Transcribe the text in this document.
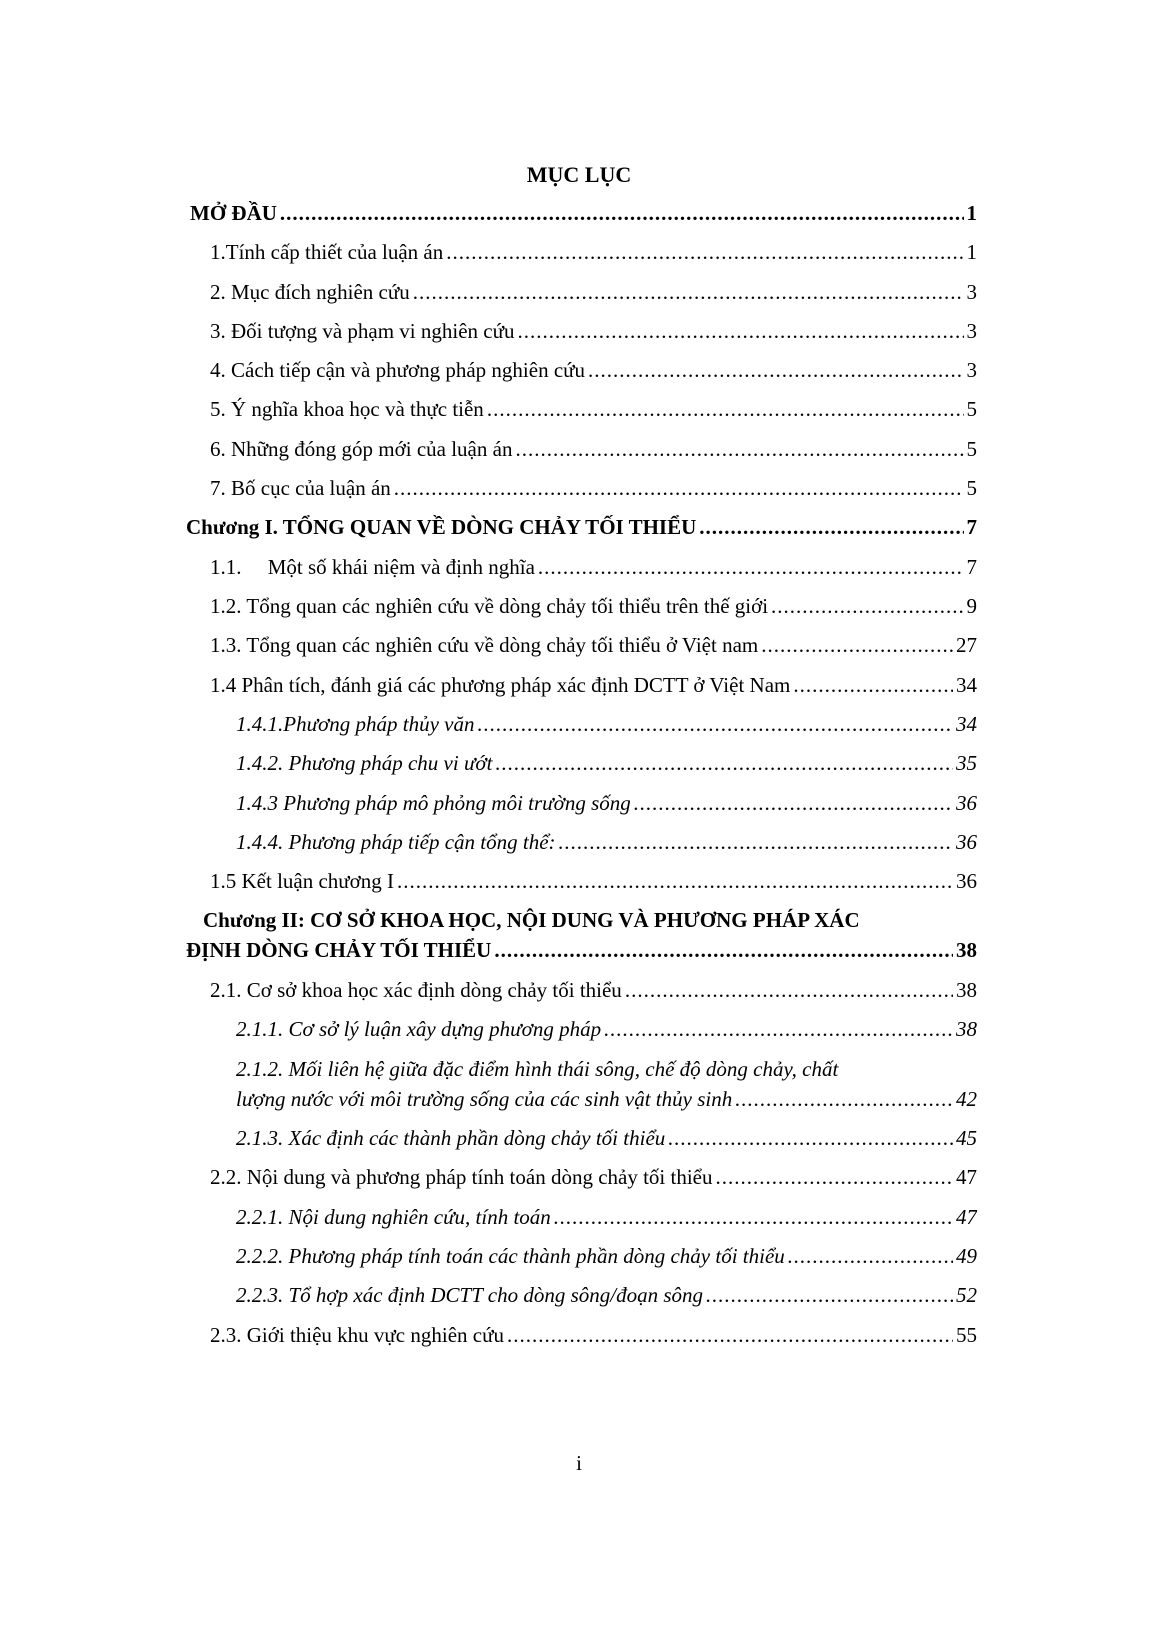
MỤC LỤC
MỞ ĐẦU .....	1
1.Tính cấp thiết của luận án .....	1
2. Mục đích nghiên cứu .....	3
3. Đối tượng và phạm vi nghiên cứu .....	3
4. Cách tiếp cận và phương pháp nghiên cứu .....	3
5. Ý nghĩa khoa học và thực tiễn .....	5
6. Những đóng góp mới của luận án .....	5
7. Bố cục của luận án .....	5
Chương I. TỔNG QUAN VỀ DÒNG CHẢY TỐI THIỂU .....	7
1.1.     Một số khái niệm và định nghĩa .....	7
1.2. Tổng quan các nghiên cứu về dòng chảy tối thiểu trên thế giới .....	9
1.3. Tổng quan các nghiên cứu về dòng chảy tối thiểu ở Việt nam .....	27
1.4 Phân tích, đánh giá các phương pháp xác định DCTT ở Việt Nam .....	34
1.4.1.Phương pháp thủy văn .....	34
1.4.2. Phương pháp chu vi ướt .....	35
1.4.3 Phương pháp mô phỏng môi trường sống .....	36
1.4.4. Phương pháp tiếp cận tổng thể: .....	36
1.5 Kết luận chương I .....	36
Chương II: CƠ SỞ KHOA HỌC, NỘI DUNG VÀ PHƯƠNG PHÁP XÁC
ĐỊNH DÒNG CHẢY TỐI THIỂU .....	38
2.1. Cơ sở khoa học xác định dòng chảy tối thiểu .....	38
2.1.1. Cơ sở lý luận xây dựng phương pháp .....	38
2.1.2. Mối liên hệ giữa đặc điểm hình thái sông, chế độ dòng chảy, chất
lượng nước với môi trường sống của các sinh vật thủy sinh .....	42
2.1.3. Xác định các thành phần dòng chảy tối thiểu .....	45
2.2. Nội dung và phương pháp tính toán dòng chảy tối thiểu .....	47
2.2.1. Nội dung nghiên cứu, tính toán .....	47
2.2.2. Phương pháp tính toán các thành phần dòng chảy tối thiểu .....	49
2.2.3. Tổ hợp xác định DCTT cho dòng sông/đoạn sông .....	52
2.3. Giới thiệu khu vực nghiên cứu .....	55
i
